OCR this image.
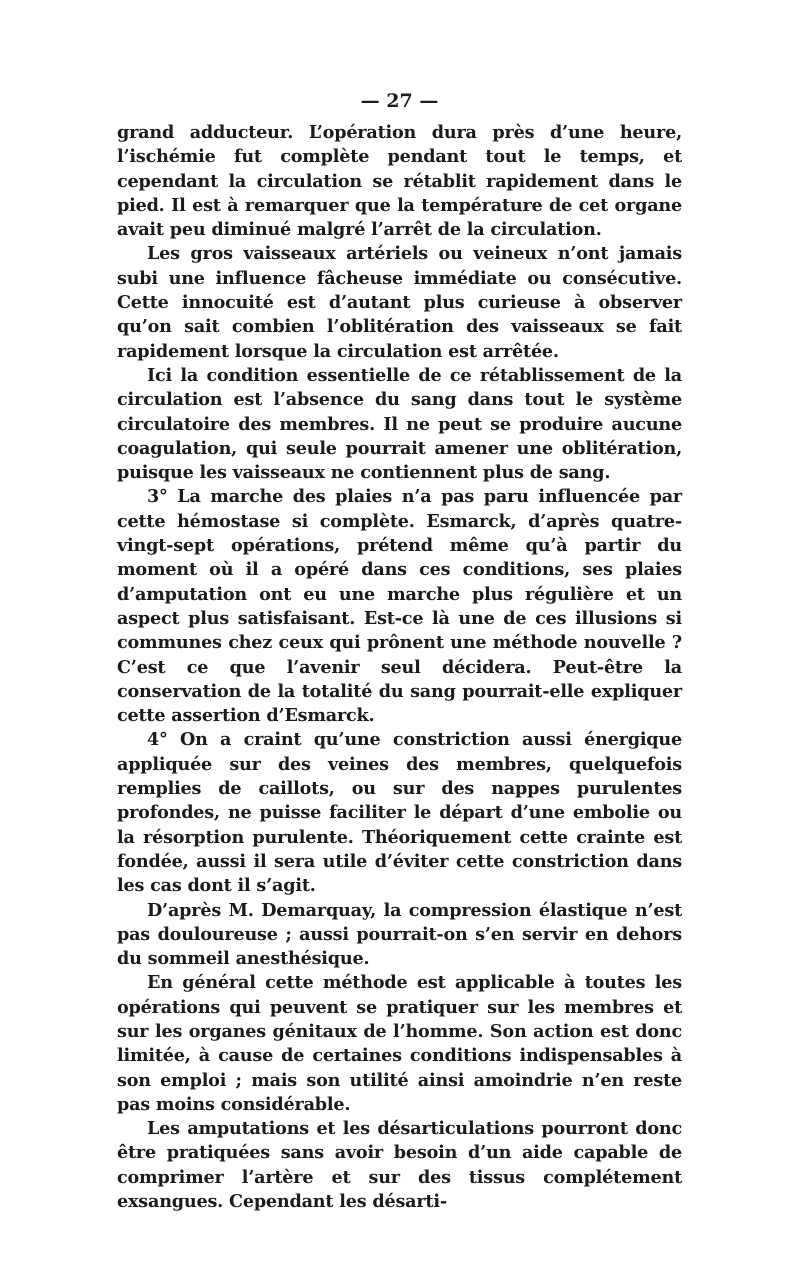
— 27 —

grand adducteur. L’opération dura près d’une heure, l’ischémie fut complète pendant tout le temps, et cependant la circulation se rétablit rapidement dans le pied. Il est à remarquer que la température de cet organe avait peu diminué malgré l’arrêt de la circulation.

Les gros vaisseaux artériels ou veineux n’ont jamais subi une influence fâcheuse immédiate ou consécutive. Cette innocuité est d’autant plus curieuse à observer qu’on sait combien l’oblitération des vaisseaux se fait rapidement lorsque la circulation est arrêtée.

Ici la condition essentielle de ce rétablissement de la circulation est l’absence du sang dans tout le système circulatoire des membres. Il ne peut se produire aucune coagulation, qui seule pourrait amener une oblitération, puisque les vaisseaux ne contiennent plus de sang.

3° La marche des plaies n’a pas paru influencée par cette hémostase si complète. Esmarck, d’après quatre-vingt-sept opérations, prétend même qu’à partir du moment où il a opéré dans ces conditions, ses plaies d’amputation ont eu une marche plus régulière et un aspect plus satisfaisant. Est-ce là une de ces illusions si communes chez ceux qui prônent une méthode nouvelle ? C’est ce que l’avenir seul décidera. Peut-être la conservation de la totalité du sang pourrait-elle expliquer cette assertion d’Esmarck.

4° On a craint qu’une constriction aussi énergique appliquée sur des veines des membres, quelquefois remplies de caillots, ou sur des nappes purulentes profondes, ne puisse faciliter le départ d’une embolie ou la résorption purulente. Théoriquement cette crainte est fondée, aussi il sera utile d’éviter cette constriction dans les cas dont il s’agit.

D’après M. Demarquay, la compression élastique n’est pas douloureuse ; aussi pourrait-on s’en servir en dehors du sommeil anesthésique.

En général cette méthode est applicable à toutes les opérations qui peuvent se pratiquer sur les membres et sur les organes génitaux de l’homme. Son action est donc limitée, à cause de certaines conditions indispensables à son emploi ; mais son utilité ainsi amoindrie n’en reste pas moins considérable.

Les amputations et les désarticulations pourront donc être pratiquées sans avoir besoin d’un aide capable de comprimer l’artère et sur des tissus complétement exsangues. Cependant les désarti-
